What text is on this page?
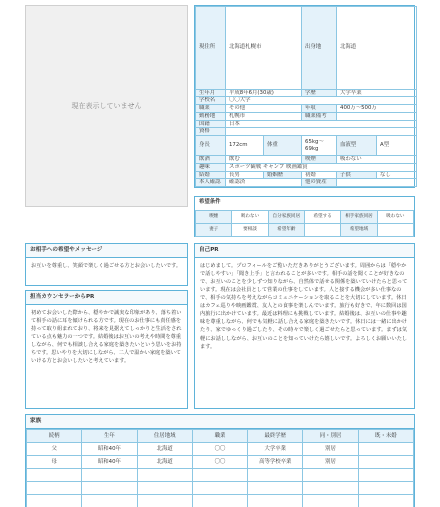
現在表示していません
現住所	北海道札幌市		出身地	北海道	
生年月	平成8年6月(30歳)		学歴	大学卒業	
学校名	〇〇大学				
職業	その他		年収	400万～500万	
勤務地	札幌市		職業備考		
国籍	日本				
資格					
身長	172cm	体重	65kg～69kg	血液型	A型
飲酒	飲む		喫煙	吸わない	
趣味	スポーツ観戦 キャンプ 映画鑑賞				
結婚	長男	婚姻歴	初婚	子供	なし
本人確認	確認済		他の資産		
希望条件
喫煙	吸わない	自分家族同居	希望する	相手家族同居	吸わない
妻子	要相談	希望年齢		希望地域	
お相手への希望やメッセージ
お互いを尊重し、笑顔で楽しく過ごせる方とお会いしたいです。
担当カウンセラーからPR
初めてお会いした際から、穏やかで誠実な印象があり、落ち着いて相手の話に耳を傾けられる方です。現在のお仕事にも責任感を持って取り組まれており、将来を見据えてしっかりと生活をされている点も魅力の一つです。結婚後はお互いの考えや時間を尊重しながら、何でも相談し合える家庭を築きたいという思いをお持ちです。思いやりを大切にしながら、二人で温かい家庭を築いていける方とお会いしたいと考えています。
自己PR
はじめまして。プロフィールをご覧いただきありがとうございます。周囲からは「穏やかで話しやすい」「聞き上手」と言われることが多いです。相手の話を聞くことが好きなので、お互いのことを少しずつ知りながら、自然体で話せる関係を築いていけたらと思っています。現在は会社員として営業の仕事をしています。人と接する機会が多い仕事なので、相手の気持ちを考えながらコミュニケーションを取ることを大切にしています。休日はカフェ巡りや映画鑑賞、友人との食事を楽しんでいます。旅行も好きで、年に数回は国内旅行に出かけています。最近は料理にも挑戦しています。結婚後は、お互いの仕事や趣味を尊重しながら、何でも気軽に話し合える家庭を築きたいです。休日には一緒に出かけたり、家でゆっくり過ごしたり、その時々で楽しく過ごせたらと思っています。まずは気軽にお話ししながら、お互いのことを知っていけたら嬉しいです。よろしくお願いいたします。
家族
続柄	生年	住居地域	職業	最終学歴	同・別居	既・未婚
父	昭和40年	北海道	〇〇	大学卒業	別居	
母	昭和40年	北海道	〇〇	高等学校卒業	別居	
